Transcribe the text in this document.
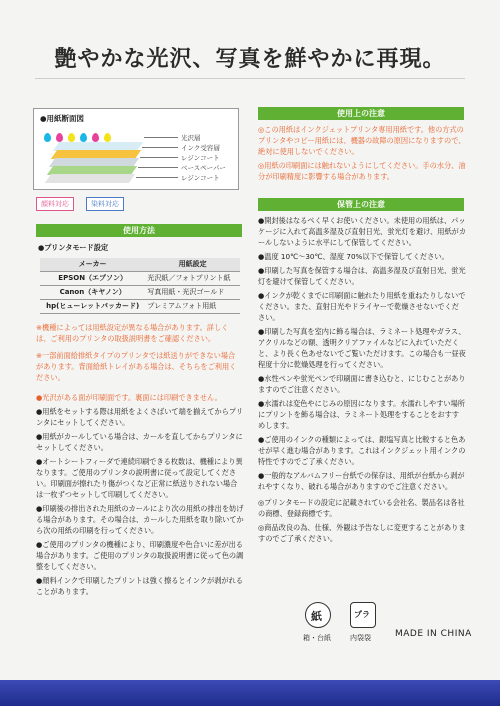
艶やかな光沢、写真を鮮やかに再現。
●用紙断面図
光沢層
インク受容層
レジンコート
ベースペーパー
レジンコート
顔料対応	染料対応
使用方法
●プリンタモード設定
メーカー	用紙設定
EPSON（エプソン）	光沢紙／フォトプリント紙
Canon（キヤノン）	写真用紙・光沢ゴールド
hp(ヒューレットパッカード)	プレミアムフォト用紙
※機種によっては用紙設定が異なる場合があります。詳しくは、ご利用のプリンタの取扱説明書をご確認ください。
※一部前面給排紙タイプのプリンタでは紙送りができない場合があります。背面給紙トレイがある場合は、そちらをご利用ください。
●光沢がある面が印刷面です。裏面には印刷できません。
●用紙をセットする際は用紙をよくさばいて端を揃えてからプリンタにセットしてください。
●用紙がカールしている場合は、カールを直してからプリンタにセットしてください。
●オートシートフィーダで連続印刷できる枚数は、機種により異なります。ご使用のプリンタの説明書に従って設定してください。印刷面が擦れたり傷がつくなど正常に紙送りされない場合は一枚ずつセットして印刷してください。
●印刷後の排出された用紙のカールにより次の用紙の排出を妨げる場合があります。その場合は、カールした用紙を取り除いてから次の用紙の印刷を行ってください。
●ご使用のプリンタの機種により、印刷濃度や色合いに差が出る場合があります。ご使用のプリンタの取扱説明書に従って色の調整をしてください。
●顔料インクで印刷したプリントは強く擦るとインクが剥がれることがあります。
使用上の注意
◎この用紙はインクジェットプリンタ専用用紙です。他の方式のプリンタやコピー用紙には、機器の故障の原因になりますので、絶対に使用しないでください。
◎用紙の印刷面には触れないようにしてください。手の水分、油分が印刷精度に影響する場合があります。
保管上の注意
●開封後はなるべく早くお使いください。未使用の用紙は、パッケージに入れて高温多湿及び直射日光、蛍光灯を避け、用紙がカールしないように水平にして保管してください。
●温度 10℃〜30℃、湿度 70%以下で保管してください。
●印刷した写真を保管する場合は、高温多湿及び直射日光、蛍光灯を避けて保管してください。
●インクが乾くまでに印刷面に触れたり用紙を重ねたりしないでください。また、直射日光やドライヤーで乾燥させないでください。
●印刷した写真を室内に飾る場合は、ラミネート処理やガラス、アクリルなどの額、透明クリアファイルなどに入れていただくと、より長く色あせないでご覧いただけます。この場合も一昼夜程度十分に乾燥処理を行ってください。
●水性ペンや蛍光ペンで印刷面に書き込むと、にじむことがありますのでご注意ください。
●水濡れは変色やにじみの原因になります。水濡れしやすい場所にプリントを飾る場合は、ラミネート処理をすることをおすすめします。
●ご使用のインクの種類によっては、銀塩写真と比較すると色あせが早く進む場合があります。これはインクジェット用インクの特性ですのでご了承ください。
●一般的なアルバムフリー台紙での保存は、用紙が台紙から剥がれやすくなり、破れる場合がありますのでご注意ください。
◎プリンタモードの設定に記載されている会社名、製品名は各社の商標、登録商標です。
◎商品改良の為、仕様、外観は予告なしに変更することがありますのでご了承ください。
紙
箱・台紙
プラ
内袋袋	MADE IN CHINA
